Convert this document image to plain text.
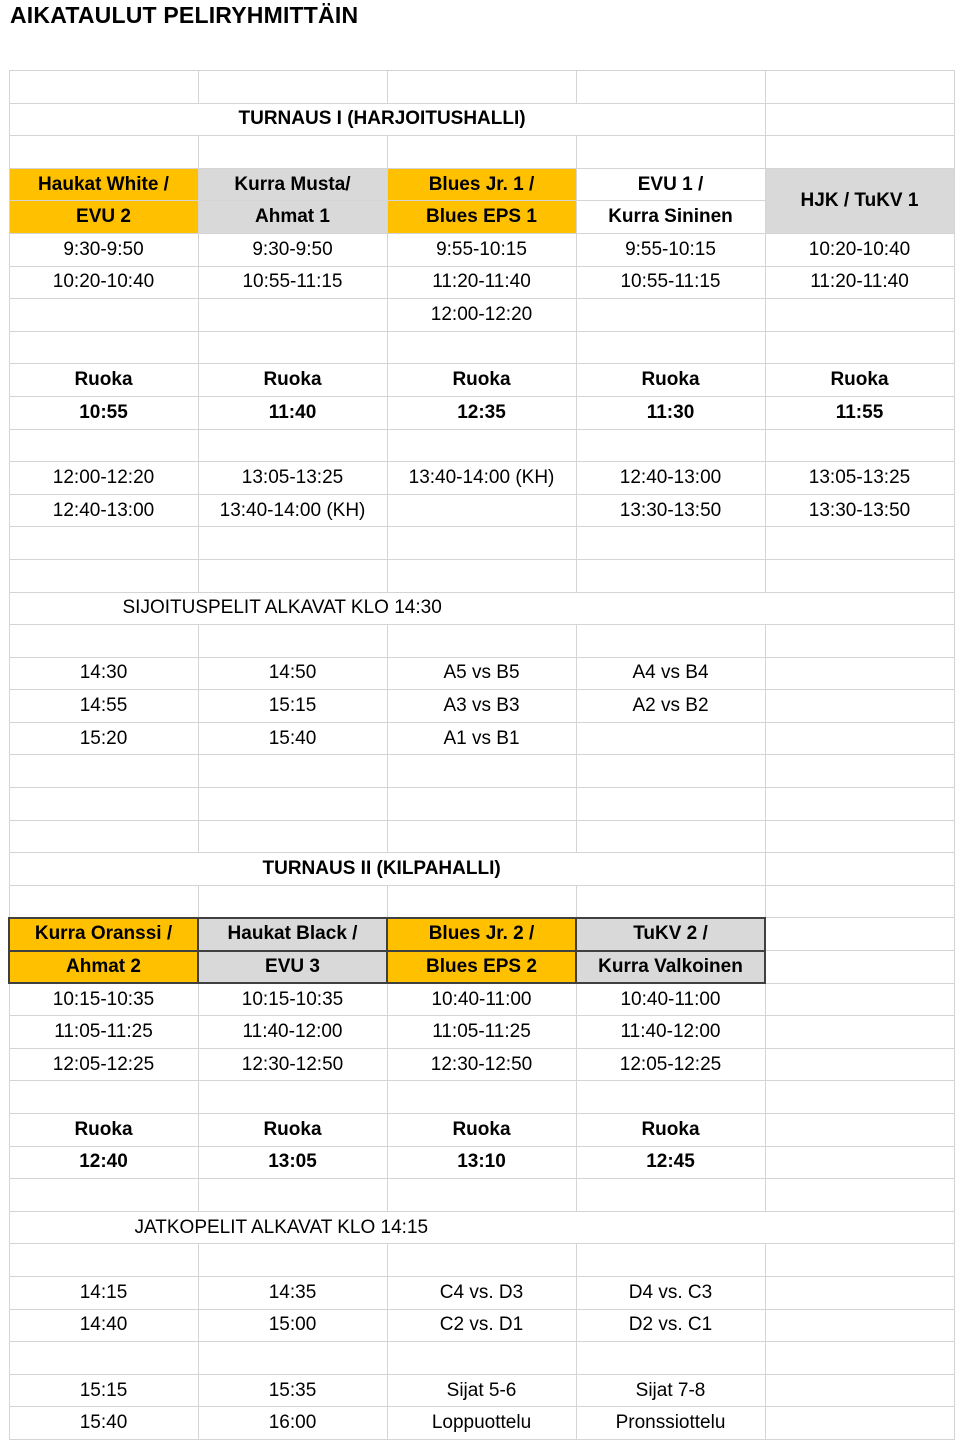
AIKATAULUT PELIRYHMITTÄIN

TURNAUS I (HARJOITUSHALLI)				

Haukat White /	Kurra Musta/	Blues Jr. 1 /	EVU 1 /	HJK / TuKV 1
EVU 2	Ahmat 1	Blues EPS 1	Kurra Sininen	
9:30-9:50	9:30-9:50	9:55-10:15	9:55-10:15	10:20-10:40
10:20-10:40	10:55-11:15	11:20-11:40	10:55-11:15	11:20-11:40
		12:00-12:20		

Ruoka	Ruoka	Ruoka	Ruoka	Ruoka
10:55	11:40	12:35	11:30	11:55

12:00-12:20	13:05-13:25	13:40-14:00 (KH)	12:40-13:00	13:05-13:25
12:40-13:00	13:40-14:00 (KH)		13:30-13:50	13:30-13:50

SIJOITUSPELIT ALKAVAT KLO 14:30				

14:30	14:50	A5 vs B5	A4 vs B4	
14:55	15:15	A3 vs B3	A2 vs B2	
15:20	15:40	A1 vs B1		

TURNAUS II (KILPAHALLI)				

Kurra Oranssi /	Haukat Black /	Blues Jr. 2 /	TuKV 2 /	
Ahmat 2	EVU 3	Blues EPS 2	Kurra Valkoinen	
10:15-10:35	10:15-10:35	10:40-11:00	10:40-11:00	
11:05-11:25	11:40-12:00	11:05-11:25	11:40-12:00	
12:05-12:25	12:30-12:50	12:30-12:50	12:05-12:25	

Ruoka	Ruoka	Ruoka	Ruoka	
12:40	13:05	13:10	12:45	

JATKOPELIT ALKAVAT KLO 14:15				

14:15	14:35	C4 vs. D3	D4 vs. C3	
14:40	15:00	C2 vs. D1	D2 vs. C1	

15:15	15:35	Sijat 5-6	Sijat 7-8	
15:40	16:00	Loppuottelu	Pronssiottelu	
